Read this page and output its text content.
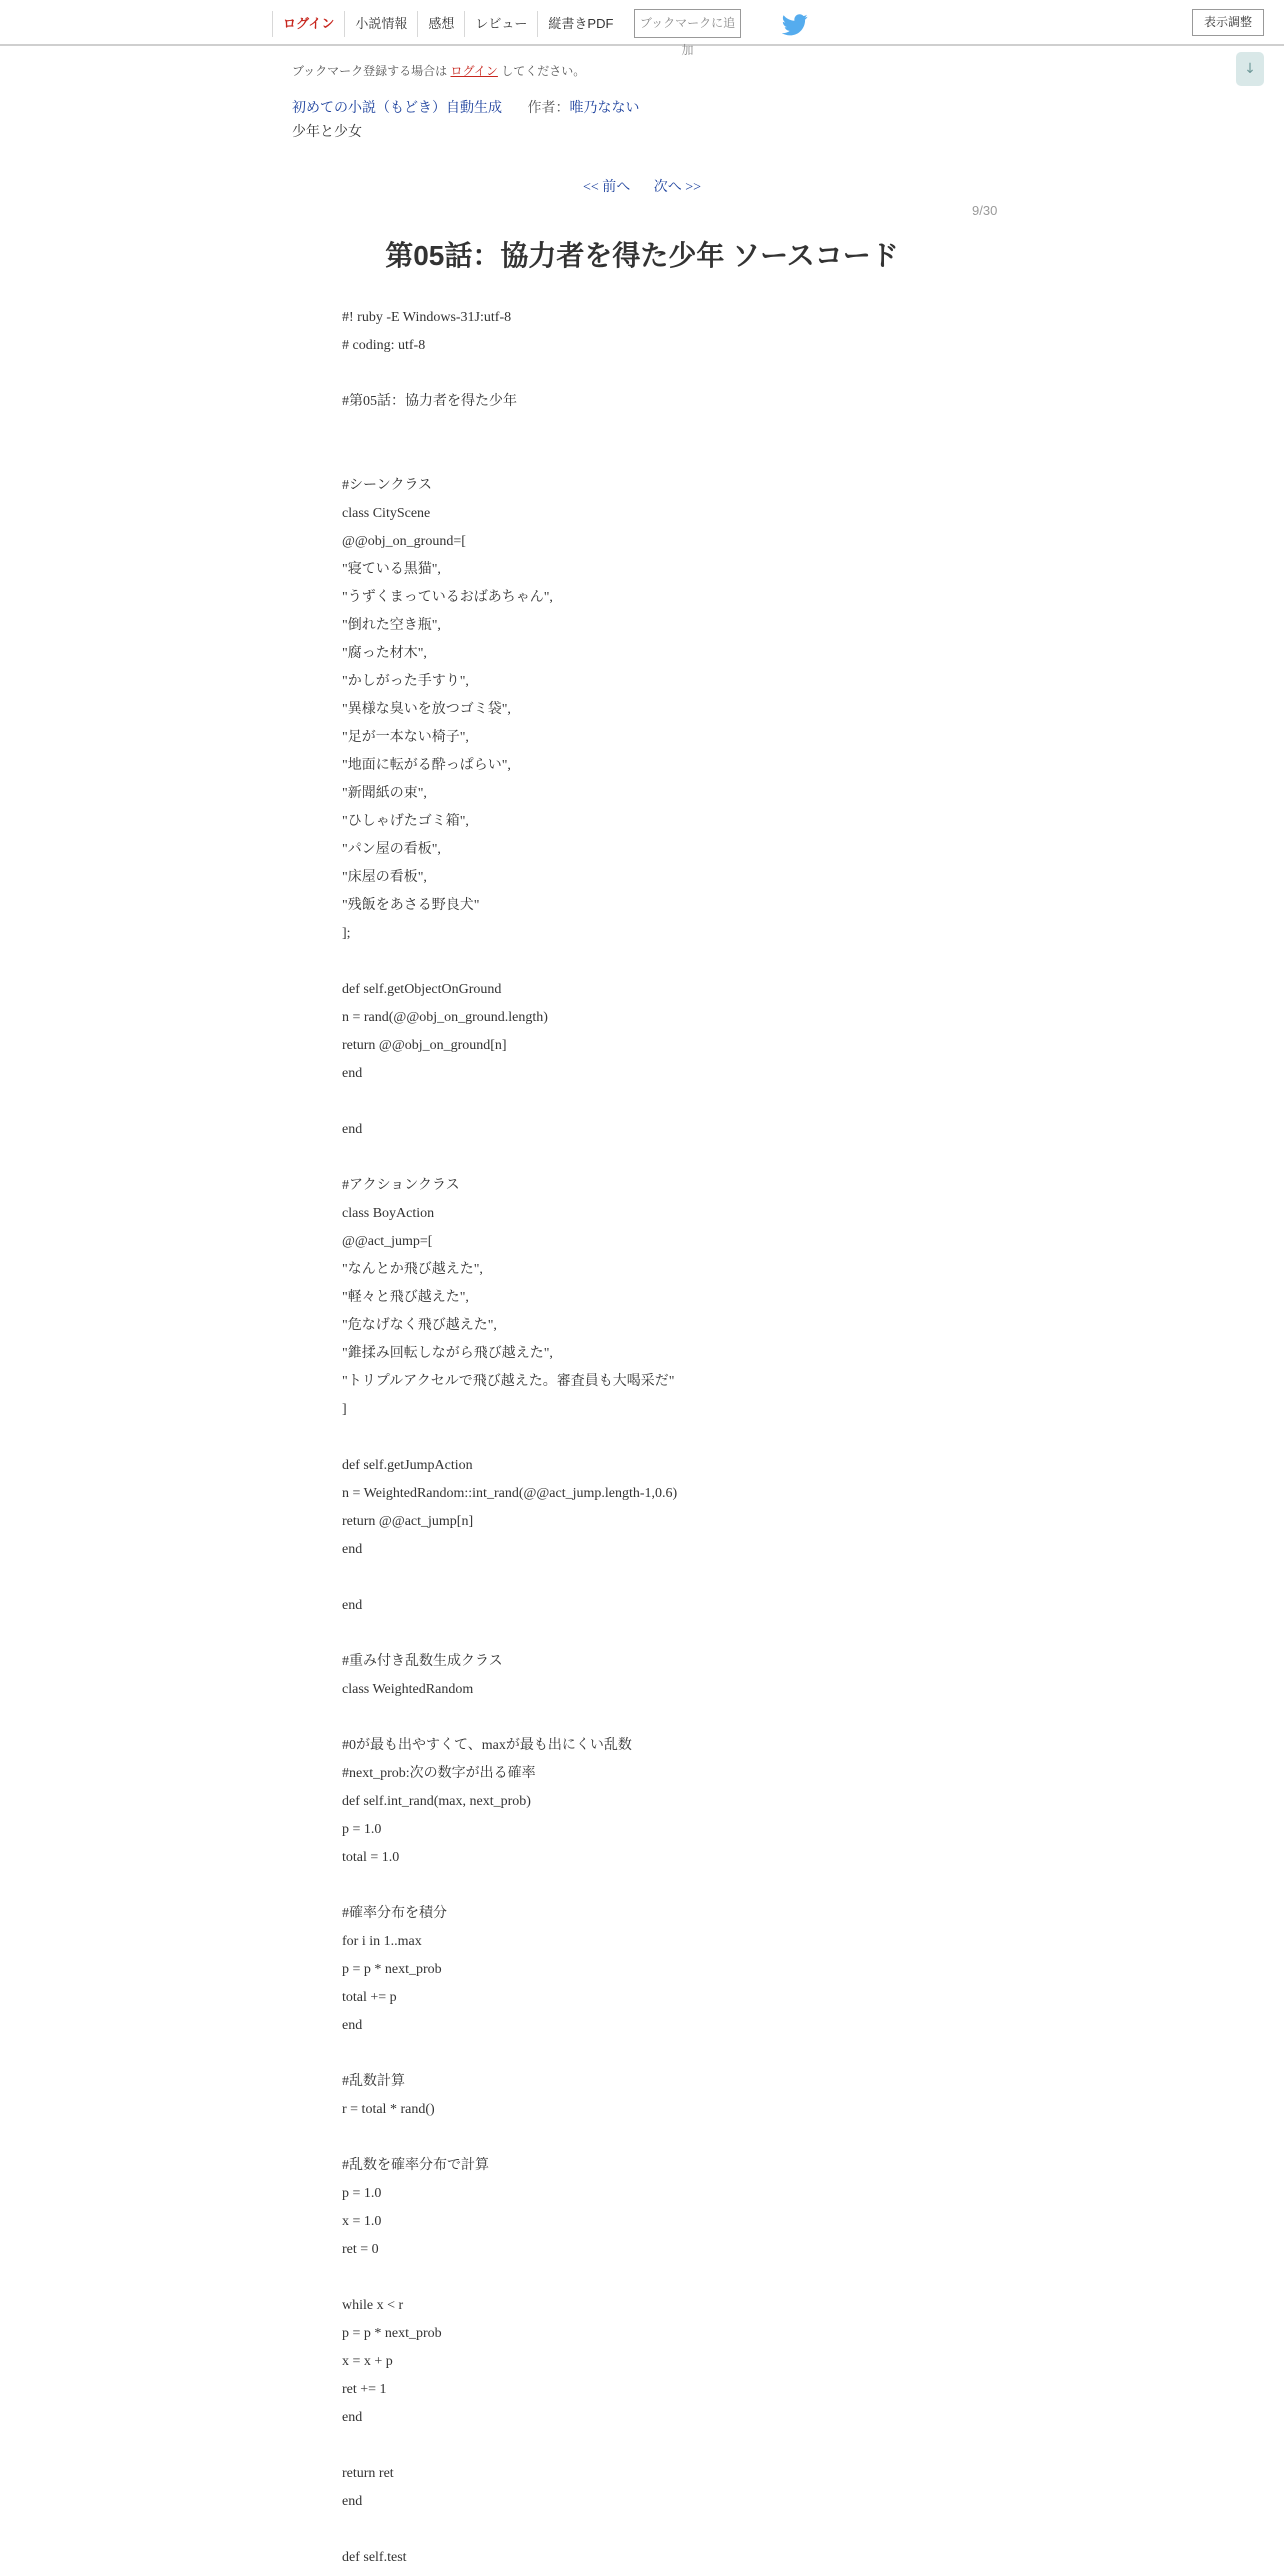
ログイン	小説情報	感想	レビュー	縦書きPDF	ブックマークに追加
表示調整
↓
ブックマーク登録する場合は ログイン してください。
初めての小説（もどき）自動生成 作者：唯乃なない
少年と少女
<< 前へ 次へ >>
9/30
第05話：協力者を得た少年 ソースコード
#! ruby -E Windows-31J:utf-8
# coding: utf-8
#第05話：協力者を得た少年
#シーンクラス
class CityScene
@@obj_on_ground=[
"寝ている黒猫",
"うずくまっているおばあちゃん",
"倒れた空き瓶",
"腐った材木",
"かしがった手すり",
"異様な臭いを放つゴミ袋",
"足が一本ない椅子",
"地面に転がる酔っぱらい",
"新聞紙の束",
"ひしゃげたゴミ箱",
"パン屋の看板",
"床屋の看板",
"残飯をあさる野良犬"
];
def self.getObjectOnGround
n = rand(@@obj_on_ground.length)
return @@obj_on_ground[n]
end
end
#アクションクラス
class BoyAction
@@act_jump=[
"なんとか飛び越えた",
"軽々と飛び越えた",
"危なげなく飛び越えた",
"錐揉み回転しながら飛び越えた",
"トリプルアクセルで飛び越えた。審査員も大喝采だ"
]
def self.getJumpAction
n = WeightedRandom::int_rand(@@act_jump.length-1,0.6)
return @@act_jump[n]
end
end
#重み付き乱数生成クラス
class WeightedRandom
#0が最も出やすくて、maxが最も出にくい乱数
#next_prob:次の数字が出る確率
def self.int_rand(max, next_prob)
p = 1.0
total = 1.0
#確率分布を積分
for i in 1..max
p = p * next_prob
total += p
end
#乱数計算
r = total * rand()
#乱数を確率分布で計算
p = 1.0
x = 1.0
ret = 0
while x < r
p = p * next_prob
x = x + p
ret += 1
end
return ret
end
def self.test
